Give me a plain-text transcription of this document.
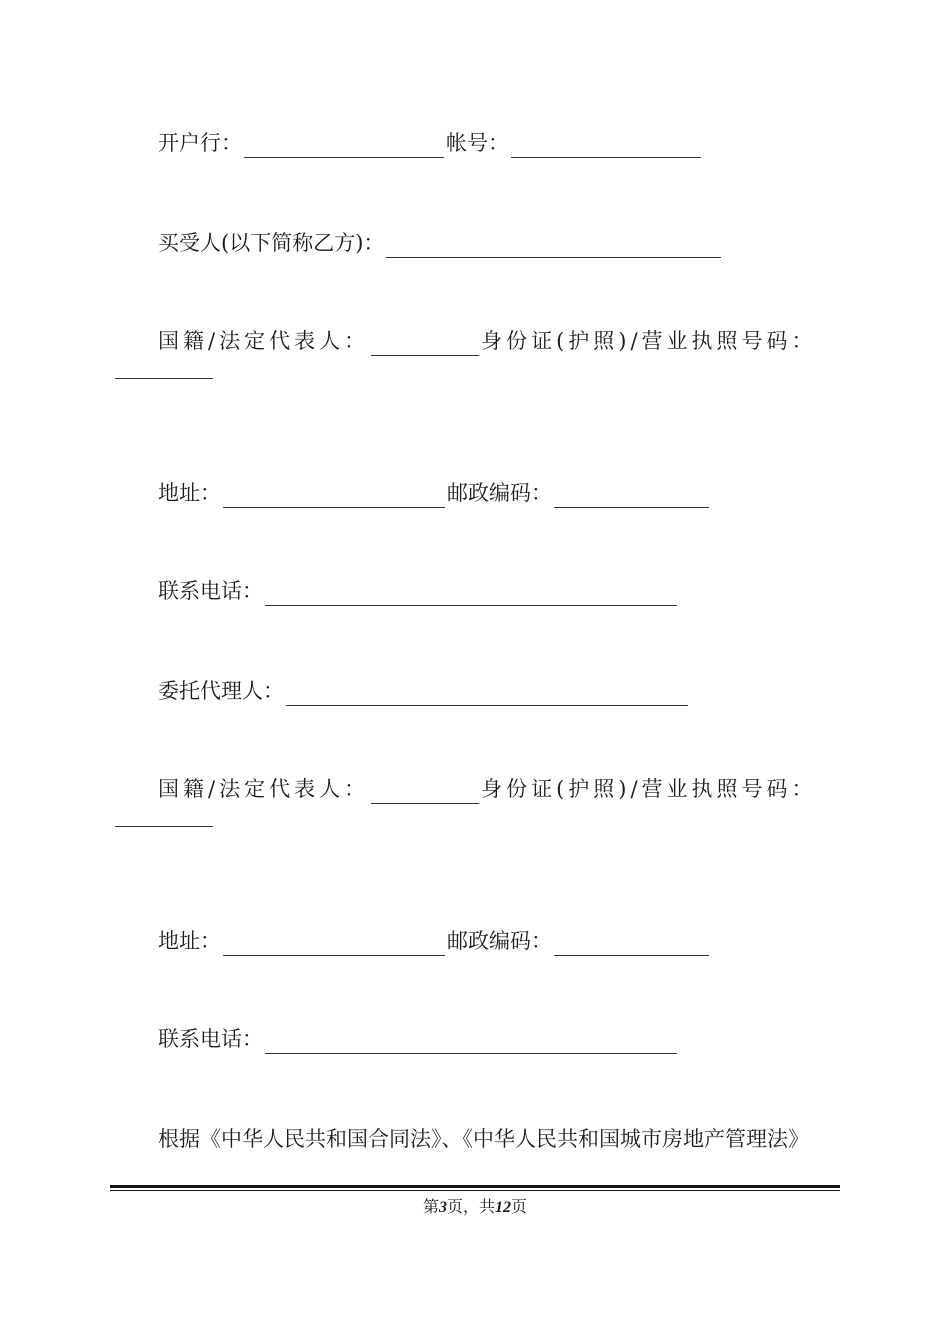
开户行：	帐号：
买受人(以下简称乙方)：
国籍/法定代表人：	身份证(护照)/营业执照号码：
地址：	邮政编码：
联系电话：
委托代理人：
国籍/法定代表人：	身份证(护照)/营业执照号码：
地址：	邮政编码：
联系电话：
根据《中华人民共和国合同法》、《中华人民共和国城市房地产管理法》
第3页，共12页
